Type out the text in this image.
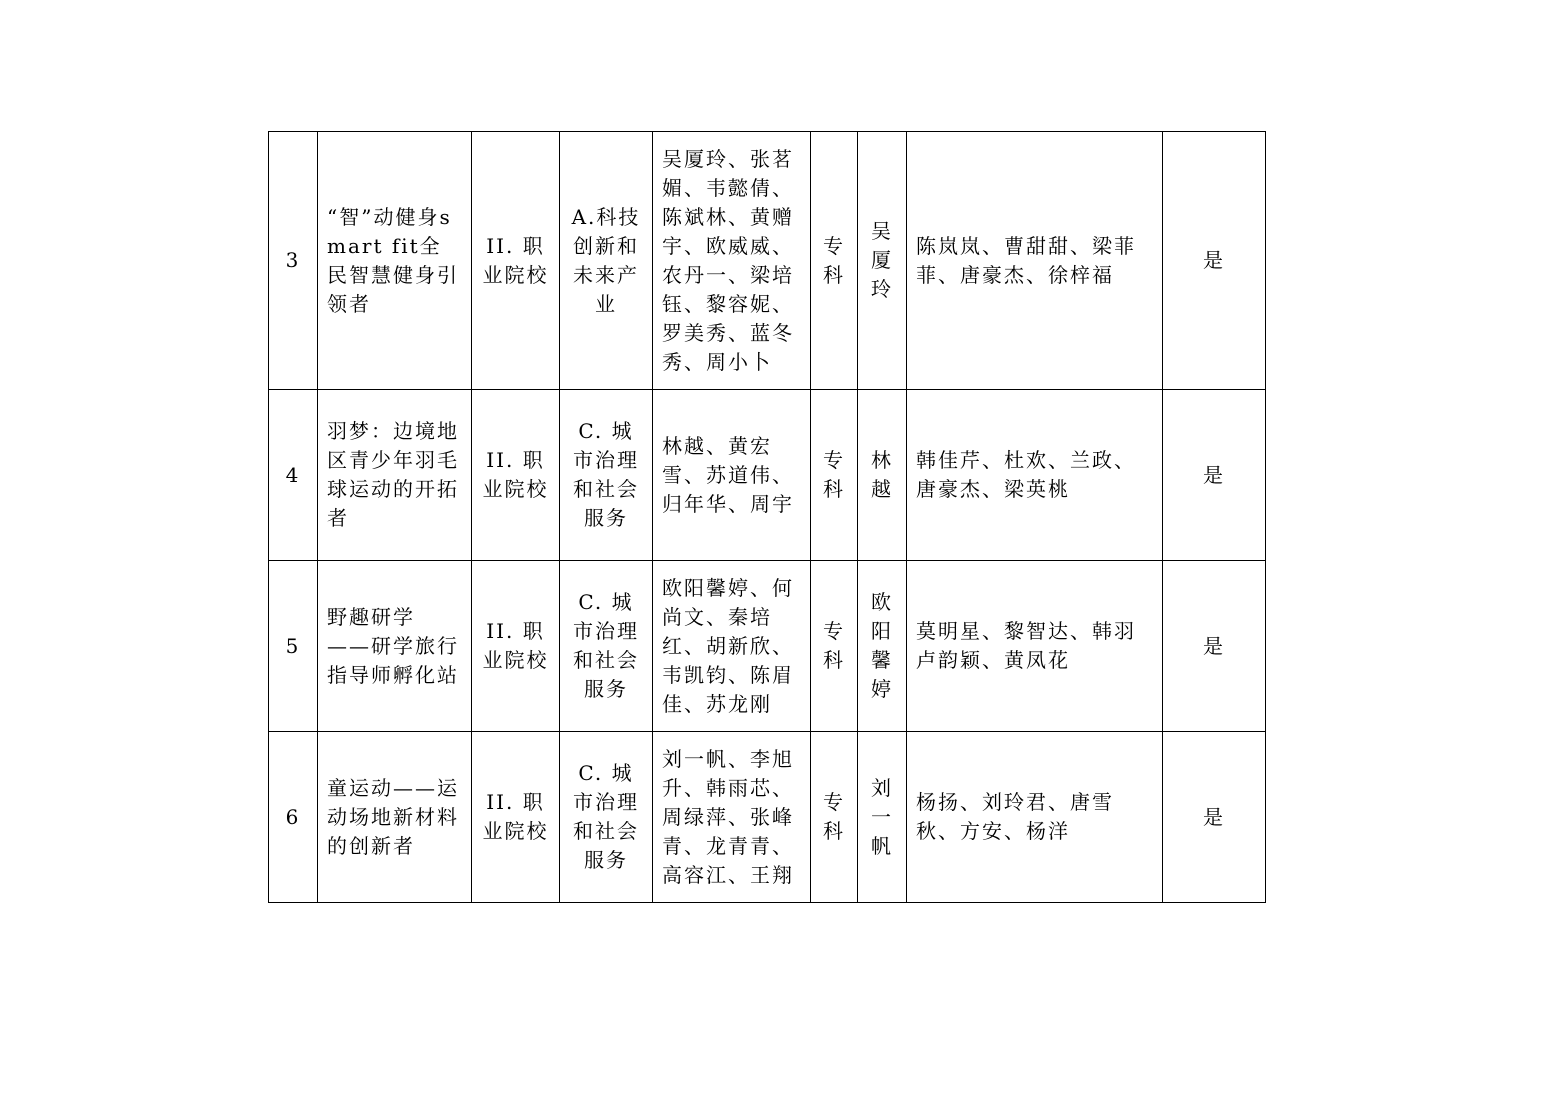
3	“智”动健身smart fit全民智慧健身引领者	II. 职业院校	A.科技创新和未来产业	吴厦玲、张茗媚、韦懿倩、陈斌林、黄赠宇、欧威威、农丹一、梁培钰、黎容妮、罗美秀、蓝冬秀、周小卜	专科	吴厦玲	陈岚岚、曹甜甜、梁菲菲、唐豪杰、徐梓福	是
4	羽梦：边境地区青少年羽毛球运动的开拓者	II. 职业院校	C. 城市治理和社会服务	林越、黄宏雪、苏道伟、归年华、周宇	专科	林越	韩佳芹、杜欢、兰政、唐豪杰、梁英桃	是
5	野趣研学 ——研学旅行指导师孵化站	II. 职业院校	C. 城市治理和社会服务	欧阳馨婷、何尚文、秦培红、胡新欣、韦凯钧、陈眉佳、苏龙刚	专科	欧阳馨婷	莫明星、黎智达、韩羽卢韵颖、黄凤花	是
6	童运动——运动场地新材料的创新者	II. 职业院校	C. 城市治理和社会服务	刘一帆、李旭升、韩雨芯、周绿萍、张峰青、龙青青、高容江、王翔	专科	刘一帆	杨扬、刘玲君、唐雪秋、方安、杨洋	是
